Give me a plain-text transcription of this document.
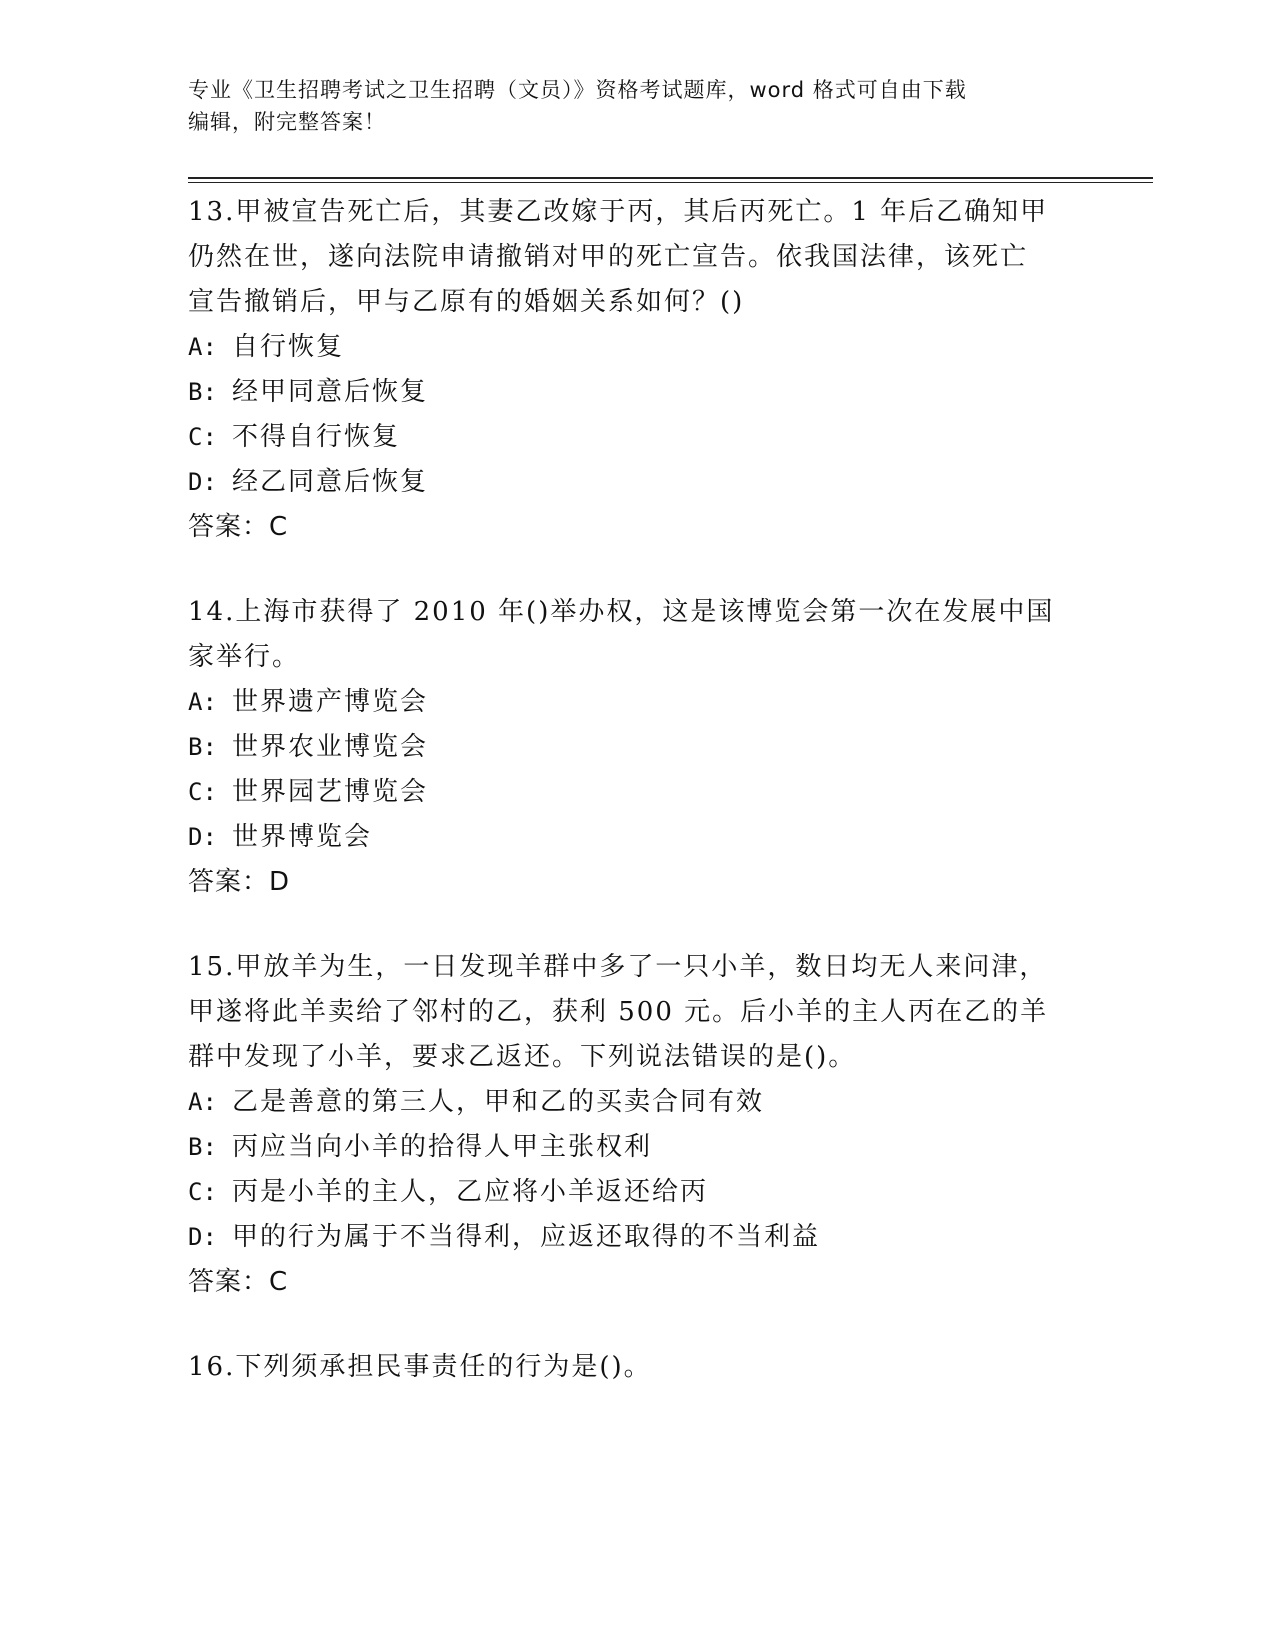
专业《卫生招聘考试之卫生招聘（文员）》资格考试题库，word 格式可自由下载
编辑，附完整答案！
13.甲被宣告死亡后，其妻乙改嫁于丙，其后丙死亡。1 年后乙确知甲
仍然在世，遂向法院申请撤销对甲的死亡宣告。依我国法律，该死亡
宣告撤销后，甲与乙原有的婚姻关系如何？()
A: 自行恢复
B: 经甲同意后恢复
C: 不得自行恢复
D: 经乙同意后恢复
答案：C
14.上海市获得了 2010 年()举办权，这是该博览会第一次在发展中国
家举行。
A: 世界遗产博览会
B: 世界农业博览会
C: 世界园艺博览会
D: 世界博览会
答案：D
15.甲放羊为生，一日发现羊群中多了一只小羊，数日均无人来问津，
甲遂将此羊卖给了邻村的乙，获利 500 元。后小羊的主人丙在乙的羊
群中发现了小羊，要求乙返还。下列说法错误的是()。
A: 乙是善意的第三人，甲和乙的买卖合同有效
B: 丙应当向小羊的拾得人甲主张权利
C: 丙是小羊的主人，乙应将小羊返还给丙
D: 甲的行为属于不当得利，应返还取得的不当利益
答案：C
16.下列须承担民事责任的行为是()。
